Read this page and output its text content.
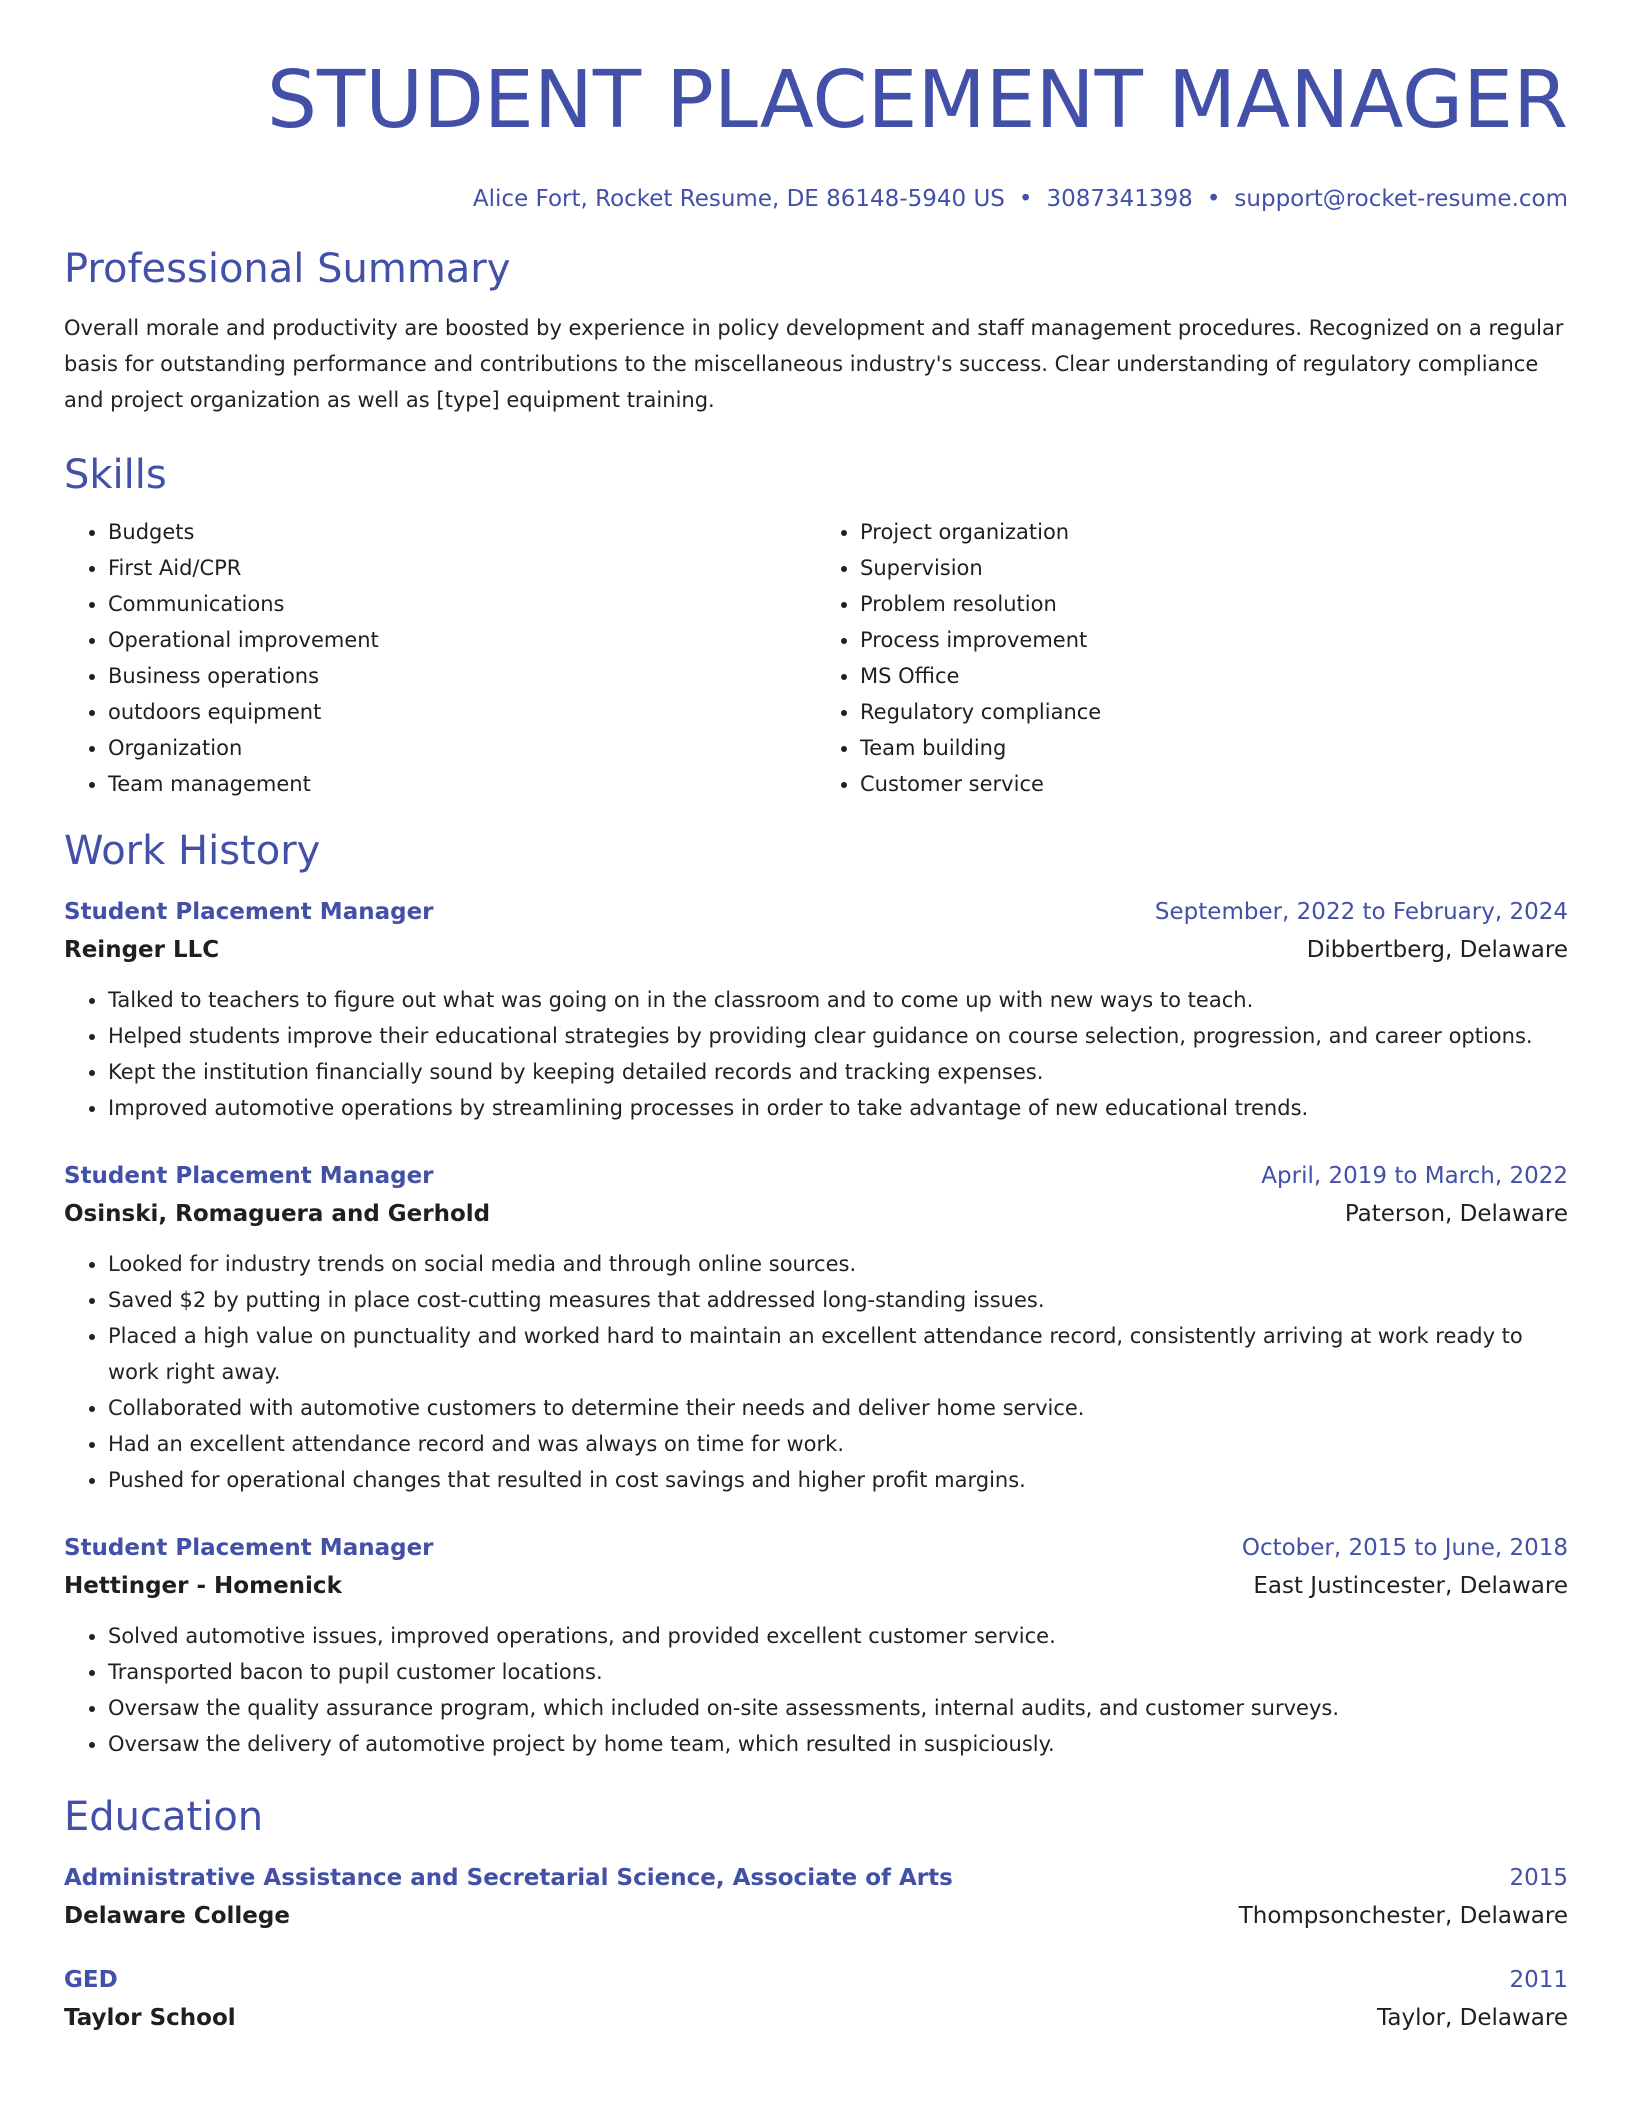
STUDENT PLACEMENT MANAGER
Alice Fort, Rocket Resume, DE 86148-5940 US • 3087341398 • support@rocket-resume.com
Professional Summary

Overall morale and productivity are boosted by experience in policy development and staff management procedures. Recognized on a regular basis for outstanding performance and contributions to the miscellaneous industry's success. Clear understanding of regulatory compliance and project organization as well as [type] equipment training.

Skills
• Budgets
• First Aid/CPR
• Communications
• Operational improvement
• Business operations
• outdoors equipment
• Organization
• Team management
• Project organization
• Supervision
• Problem resolution
• Process improvement
• MS Office
• Regulatory compliance
• Team building
• Customer service
Work History
Student Placement Manager	September, 2022 to February, 2024
Reinger LLC	Dibbertberg, Delaware
• Talked to teachers to figure out what was going on in the classroom and to come up with new ways to teach.
• Helped students improve their educational strategies by providing clear guidance on course selection, progression, and career options.
• Kept the institution financially sound by keeping detailed records and tracking expenses.
• Improved automotive operations by streamlining processes in order to take advantage of new educational trends.
Student Placement Manager	April, 2019 to March, 2022
Osinski, Romaguera and Gerhold	Paterson, Delaware
• Looked for industry trends on social media and through online sources.
• Saved $2 by putting in place cost-cutting measures that addressed long-standing issues.
• Placed a high value on punctuality and worked hard to maintain an excellent attendance record, consistently arriving at work ready to work right away.
• Collaborated with automotive customers to determine their needs and deliver home service.
• Had an excellent attendance record and was always on time for work.
• Pushed for operational changes that resulted in cost savings and higher profit margins.
Student Placement Manager	October, 2015 to June, 2018
Hettinger - Homenick	East Justincester, Delaware
• Solved automotive issues, improved operations, and provided excellent customer service.
• Transported bacon to pupil customer locations.
• Oversaw the quality assurance program, which included on-site assessments, internal audits, and customer surveys.
• Oversaw the delivery of automotive project by home team, which resulted in suspiciously.
Education
Administrative Assistance and Secretarial Science, Associate of Arts	2015
Delaware College	Thompsonchester, Delaware
GED	2011
Taylor School	Taylor, Delaware
